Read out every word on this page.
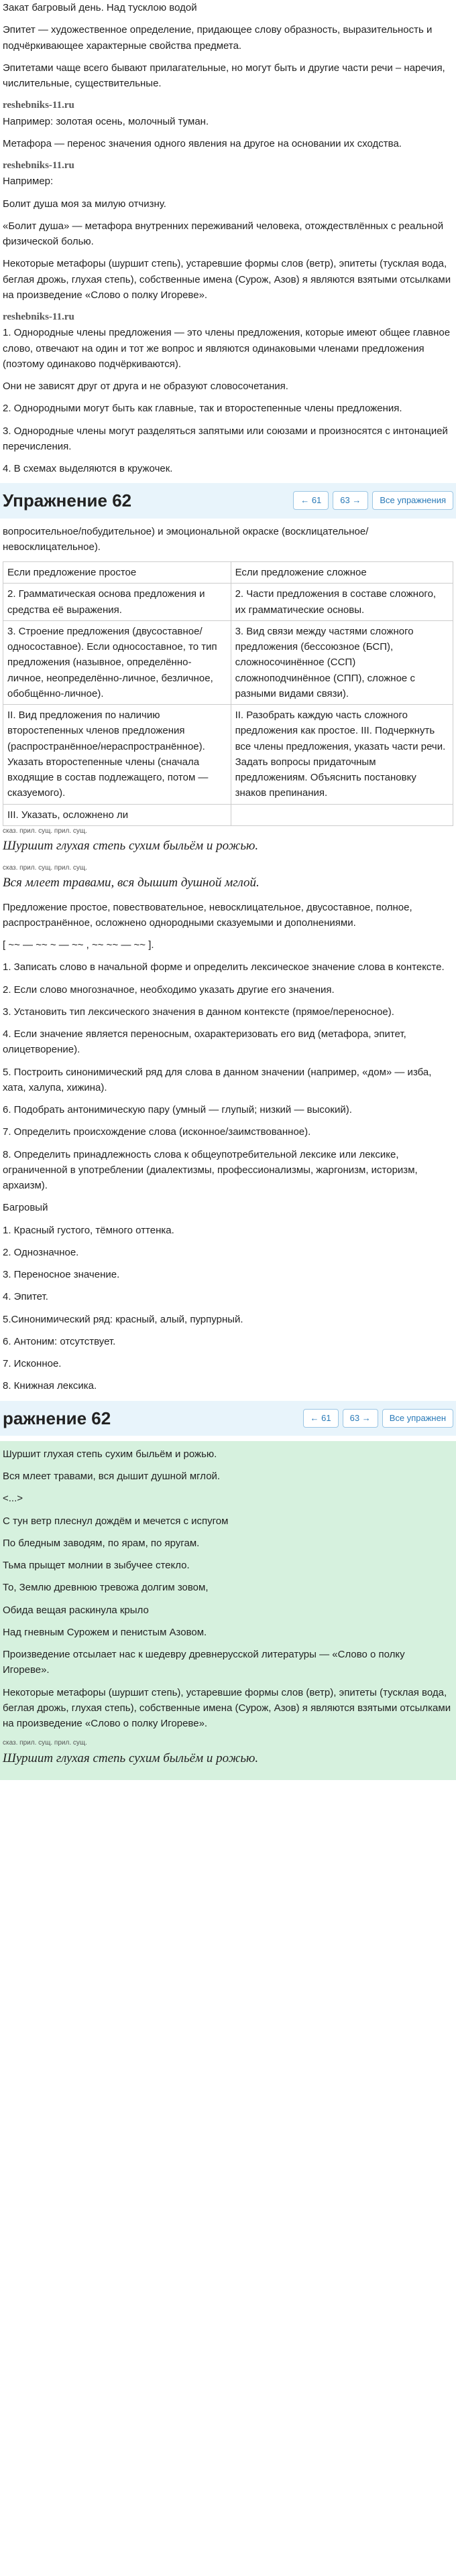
Закат багровый день. Над тусклою водой

Эпитет — художественное определение, придающее слову образность, выразительность и подчёркивающее характерные свойства предмета.

Эпитетами чаще всего бывают прилагательные, но могут быть и другие части речи – наречия, числительные, существительные.

reshebniks-11.ru

Например: золотая осень, молочный туман.

Метафора — перенос значения одного явления на другое на основании их сходства.

reshebniks-11.ru

Например:

Болит душа моя за милую отчизну.

«Болит душа» — метафора внутренних переживаний человека, отождествлённых с реальной физической болью.

Некоторые метафоры (шуршит степь), устаревшие формы слов (ветр), эпитеты (тусклая вода, беглая дрожь, глухая степь), собственные имена (Сурож, Азов) я являются взятыми отсылками на произведение «Слово о полку Игореве».

reshebniks-11.ru

1. Однородные члены предложения — это члены предложения, которые имеют общее главное слово, отвечают на один и тот же вопрос и являются одинаковыми членами предложения (поэтому одинаково подчёркиваются).

Они не зависят друг от друга и не образуют словосочетания.

2. Однородными могут быть как главные, так и второстепенные члены предложения.

3. Однородные члены могут разделяться запятыми или союзами и произносятся с интонацией перечисления.

4. В схемах выделяются в кружочек.

Упражнение 62	← 61	63 →	Все упражнения

вопросительное/побудительное) и эмоциональной окраске (восклицательное/невосклицательное).

Если предложение простое	Если предложение сложное
2. Грамматическая основа предложения и средства её выражения.	2. Части предложения в составе сложного, их грамматические основы.
3. Строение предложения (двусоставное/односоставное). Если односоставное, то тип предложения (назывное, определённо-личное, неопределённо-личное, безличное, обобщённо-личное).	3. Вид связи между частями сложного предложения (бессоюзное (БСП), сложносочинённое (ССП) сложноподчинённое (СПП), сложное с разными видами связи).
II. Вид предложения по наличию второстепенных членов предложения (распространённое/нераспространённое). Указать второстепенные члены (сначала входящие в состав подлежащего, потом — сказуемого).	II. Разобрать каждую часть сложного предложения как простое. III. Подчеркнуть все члены предложения, указать части речи. Задать вопросы придаточным предложениям. Объяснить постановку знаков препинания.
III. Указать, осложнено ли	
сказ. прил. сущ. прил. сущ.

Шуршит глухая степь сухим быльём и рожью.

сказ. прил. сущ. прил. сущ.

Вся млеет травами, вся дышит душной мглой.

Предложение простое, повествовательное, невосклицательное, двусоставное, полное, распространённое, осложнено однородными сказуемыми и дополнениями.

[ ~~ — ~~ ~ — ~~ , ~~ ~~ — ~~ ].

1. Записать слово в начальной форме и определить лексическое значение слова в контексте.

2. Если слово многозначное, необходимо указать другие его значения.

3. Установить тип лексического значения в данном контексте (прямое/переносное).

4. Если значение является переносным, охарактеризовать его вид (метафора, эпитет, олицетворение).

5. Построить синонимический ряд для слова в данном значении (например, «дом» — изба, хата, халупа, хижина).

6. Подобрать антонимическую пару (умный — глупый; низкий — высокий).

7. Определить происхождение слова (исконное/заимствованное).

8. Определить принадлежность слова к общеупотребительной лексике или лексике, ограниченной в употреблении (диалектизмы, профессионализмы, жаргонизм, историзм, архаизм).

Багровый

1. Красный густого, тёмного оттенка.

2. Однозначное.

3. Переносное значение.

4. Эпитет.

5.Синонимический ряд: красный, алый, пурпурный.

6. Антоним: отсутствует.

7. Исконное.

8. Книжная лексика.

ражнение 62	← 61	63 →	Все упражнен

Шуршит глухая степь сухим быльём и рожью.

Вся млеет травами, вся дышит душной мглой.

<...>

С тун ветр плеснул дождём и мечется с испугом

По бледным заводям, по ярам, по яругам.

Тьма прыщет молнии в зыбучее стекло.

То, Землю древнюю тревожа долгим зовом,

Обида вещая раскинула крыло

Над гневным Сурожем и пенистым Азовом.

Произведение отсылает нас к шедевру древнерусской литературы — «Слово о полку Игореве».

Некоторые метафоры (шуршит степь), устаревшие формы слов (ветр), эпитеты (тусклая вода, беглая дрожь, глухая степь), собственные имена (Сурож, Азов) я являются взятыми отсылками на произведение «Слово о полку Игореве».

сказ. прил. сущ. прил. сущ.

Шуршит глухая степь сухим быльём и рожью.
